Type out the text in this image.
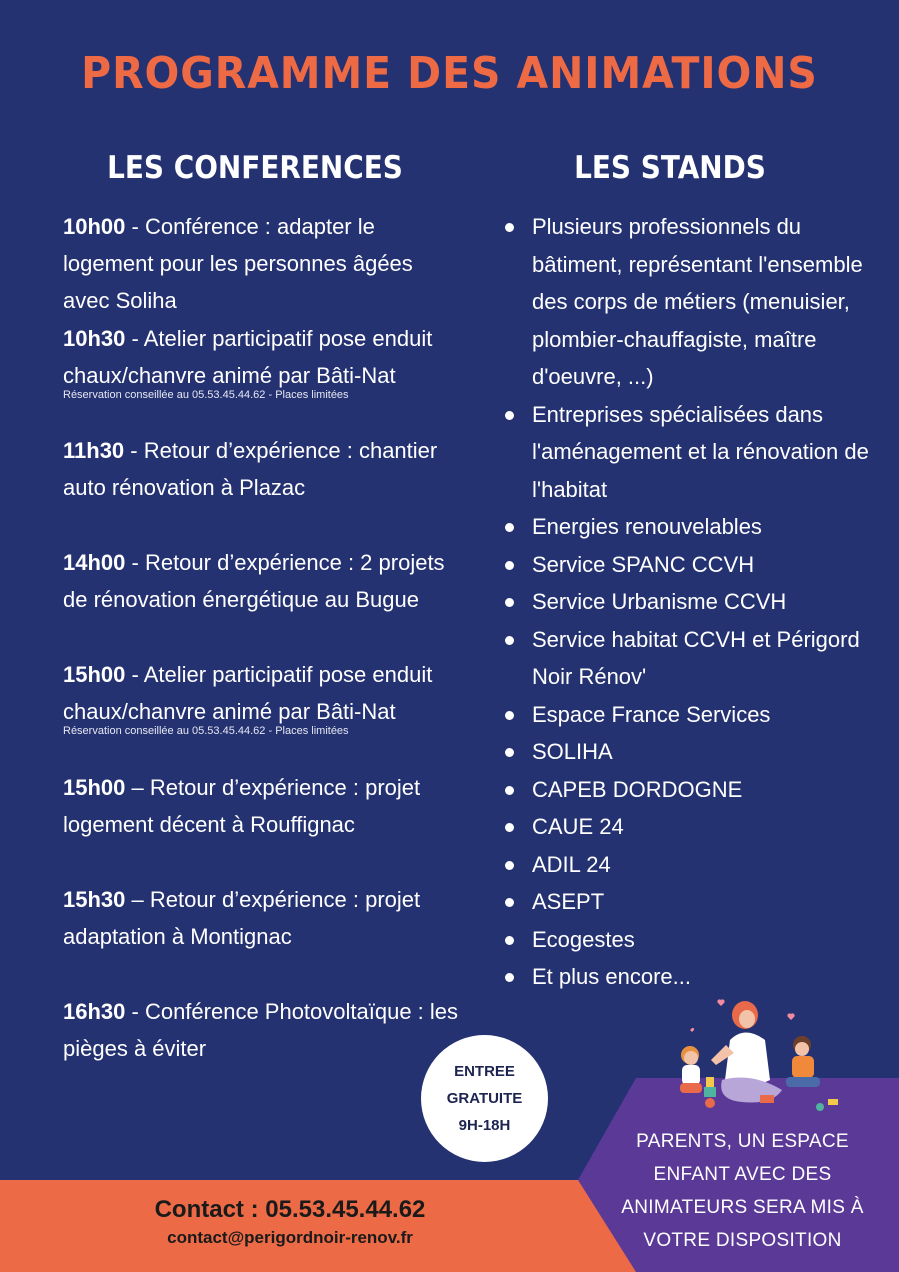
PROGRAMME DES ANIMATIONS
LES CONFERENCES	LES STANDS
10h00 - Conférence : adapter le logement pour les personnes âgées avec Soliha
10h30 - Atelier participatif pose enduit chaux/chanvre animé par Bâti-Nat
Réservation conseillée au 05.53.45.44.62 - Places limitées
11h30 - Retour d’expérience : chantier auto rénovation à Plazac
14h00 - Retour d’expérience : 2 projets de rénovation énergétique au Bugue
15h00 - Atelier participatif pose enduit chaux/chanvre animé par Bâti-Nat
Réservation conseillée au 05.53.45.44.62 - Places limitées
15h00 – Retour d’expérience : projet logement décent à Rouffignac
15h30 – Retour d’expérience : projet adaptation à Montignac
16h30 - Conférence Photovoltaïque : les pièges à éviter
Plusieurs professionnels du bâtiment, représentant l'ensemble des corps de métiers (menuisier, plombier-chauffagiste, maître d'oeuvre, ...)
Entreprises spécialisées dans l'aménagement et la rénovation de l'habitat
Energies renouvelables
Service SPANC CCVH
Service Urbanisme CCVH
Service habitat CCVH et Périgord Noir Rénov'
Espace France Services
SOLIHA
CAPEB DORDOGNE
CAUE 24
ADIL 24
ASEPT
Ecogestes
Et plus encore...
ENTREE
GRATUITE
9H-18H
Contact : 05.53.45.44.62
contact@perigordnoir-renov.fr
PARENTS, UN ESPACE ENFANT AVEC DES ANIMATEURS SERA MIS À VOTRE DISPOSITION
